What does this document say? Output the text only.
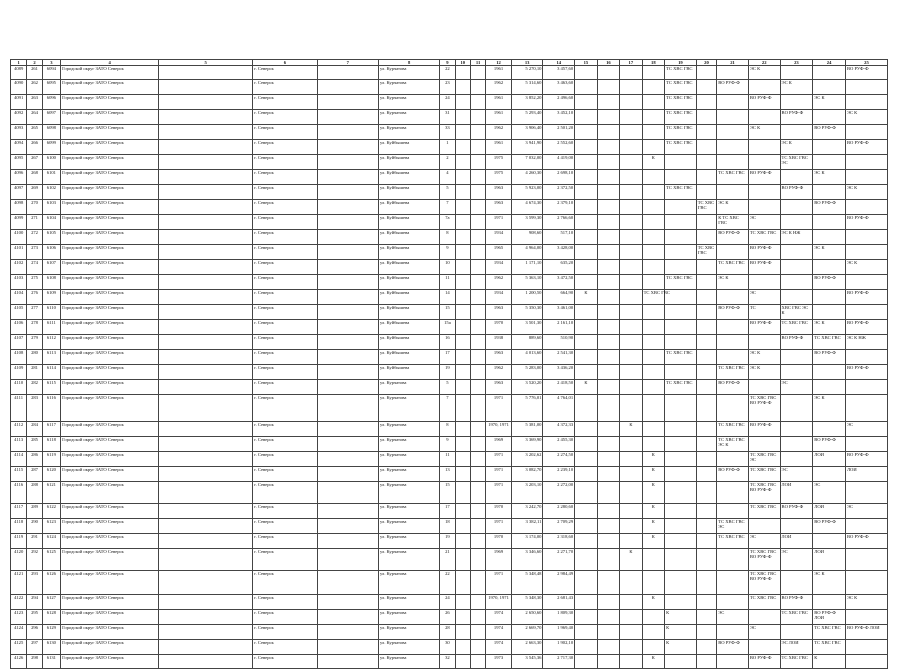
1	2	3	4	5	6	7	8	9	10	11	12	13	14	15	16	17	18	19	20	21	22	23	24	25
4089	261	6094	Городской округ ЗАТО Северск		г. Северск		ул. Курчатова	22			1961	5 270,10	3 457,60					ТС ХВС ГВС			ЭС К			ВО РУФ-Ф
4090	262	6095	Городской округ ЗАТО Северск		г. Северск		ул. Курчатова	23			1962	5 314,60	3 463,60					ТС ХВС ГВС		ВО РУФ-Ф		ЭС К		
4091	263	6096	Городской округ ЗАТО Северск		г. Северск		ул. Курчатова	24			1961	3 852,20	2 496,60					ТС ХВС ГВС			ВО РУФ-Ф		ЭС К	
4092	264	6097	Городской округ ЗАТО Северск		г. Северск		ул. Курчатова	31			1961	5 293,40	3 452,10					ТС ХВС ГВС				ВО РУФ-Ф		ЭС К
4093	265	6098	Городской округ ЗАТО Северск		г. Северск		ул. Курчатова	33			1962	3 906,40	2 501,20					ТС ХВС ГВС			ЭС К		ВО РУФ-Ф	
4094	266	6099	Городской округ ЗАТО Северск		г. Северск		ул. Куйбышева	1			1961	3 941,90	2 552,60					ТС ХВС ГВС				ЭС К		ВО РУФ-Ф
4095	267	6100	Городской округ ЗАТО Северск		г. Северск		ул. Куйбышева	2			1975	7 032,00	4 419,00				К					ТС ХВС ГВС ЭС		
4096	268	6101	Городской округ ЗАТО Северск		г. Северск		ул. Куйбышева	4			1975	4 260,30	2 698,10							ТС ХВС ГВС	ВО РУФ-Ф		ЭС К	
4097	269	6102	Городской округ ЗАТО Северск		г. Северск		ул. Куйбышева	5			1963	5 923,00	2 372,50					ТС ХВС ГВС				ВО РУФ-Ф		ЭС К
4098	270	6103	Городской округ ЗАТО Северск		г. Северск		ул. Куйбышева	7			1963	4 674,30	2 379,10						ТС ХВС ГВС	ЭС К			ВО РУФ-Ф	
4099	271	6104	Городской округ ЗАТО Северск		г. Северск		ул. Куйбышева	7а			1971	3 599,30	2 766,60							К ТС ХВС ГВС	ЭС			ВО РУФ-Ф
4100	272	6105	Городской округ ЗАТО Северск		г. Северск		ул. Куйбышева	8			1934	908,60	517,10							ВО РУФ-Ф	ТС ХВС ГВС	ЭС К НЖ		
4101	273	6106	Городской округ ЗАТО Северск		г. Северск		ул. Куйбышева	9			1965	4 964,00	3 428,00						ТС ХВС ГВС		ВО РУФ-Ф		ЭС К	
4102	274	6107	Городской округ ЗАТО Северск		г. Северск		ул. Куйбышева	10			1934	1 171,10	635,20							ТС ХВС ГВС	ВО РУФ-Ф			ЭС К
4103	275	6108	Городской округ ЗАТО Северск		г. Северск		ул. Куйбышева	11			1962	5 363,10	3 472,50					ТС ХВС ГВС		ЭС К			ВО РУФ-Ф	
4104	276	6109	Городской округ ЗАТО Северск		г. Северск		ул. Куйбышева	14			1934	1 200,50	664,90	К			ТС ХВС ГВС				ЭС			ВО РУФ-Ф
4105	277	6110	Городской округ ЗАТО Северск		г. Северск		ул. Куйбышева	15			1963	5 350,30	3 461,00							ВО РУФ-Ф	ТС	ХВС ГВС ЭС К		
4106	278	6111	Городской округ ЗАТО Северск		г. Северск		ул. Куйбышева	15а			1970	3 501,30	2 161,10								ВО РУФ-Ф	ТС ХВС ГВС	ЭС К	ВО РУФ-Ф
4107	279	6112	Городской округ ЗАТО Северск		г. Северск		ул. Куйбышева	16			1938	889,60	510,90									ВО РУФ-Ф	ТС ХВС ГВС	ЭС К НЖ
4108	280	6113	Городской округ ЗАТО Северск		г. Северск		ул. Куйбышева	17			1963	4 013,60	2 541,30					ТС ХВС ГВС			ЭС К		ВО РУФ-Ф	
4109	281	6114	Городской округ ЗАТО Северск		г. Северск		ул. Куйбышева	19			1962	5 283,00	3 436,20							ТС ХВС ГВС	ЭС К			ВО РУФ-Ф
4110	282	6115	Городской округ ЗАТО Северск		г. Северск		ул. Курчатова	5			1963	3 520,20	2 418,50	К				ТС ХВС ГВС		ВО РУФ-Ф		ЭС		
4111	283	6116	Городской округ ЗАТО Северск		г. Северск		ул. Курчатова	7			1971	5 776,01	4 764,01								ТС ХВС ГВС ВО РУФ-Ф		ЭС К	
4112	284	6117	Городской округ ЗАТО Северск		г. Северск		ул. Курчатова	8			1970, 1971	5 381,00	4 372,33			К				ТС ХВС ГВС	ВО РУФ-Ф			ЭС
4113	285	6118	Городской округ ЗАТО Северск		г. Северск		ул. Курчатова	9			1969	3 369,90	2 455,30							ТС ХВС ГВС ЭС К			ВО РУФ-Ф	
4114	286	6119	Городской округ ЗАТО Северск		г. Северск		ул. Курчатова	11			1971	3 202,62	2 274,50				К				ТС ХВС ГВС ЭС		ЛОИ	ВО РУФ-Ф
4115	287	6120	Городской округ ЗАТО Северск		г. Северск		ул. Курчатова	13			1971	3 082,70	2 239,10				К			ВО РУФ-Ф	ТС ХВС ГВС	ЭС		ЛОИ
4116	288	6121	Городской округ ЗАТО Северск		г. Северск		ул. Курчатова	15			1971	3 203,10	2 272,00				К				ТС ХВС ГВС ВО РУФ-Ф	ЛОИ	ЭС	
4117	289	6122	Городской округ ЗАТО Северск		г. Северск		ул. Курчатова	17			1970	3 242,70	2 280,60				К				ТС ХВС ГВС	ВО РУФ-Ф	ЛОИ	ЭС
4118	290	6123	Городской округ ЗАТО Северск		г. Северск		ул. Курчатова	18			1971	3 382,11	2 709,29				К			ТС ХВС ГВС ЭС			ВО РУФ-Ф	
4119	291	6124	Городской округ ЗАТО Северск		г. Северск		ул. Курчатова	19			1970	3 174,00	2 318,60				К			ТС ХВС ГВС	ЭС	ЛОИ		ВО РУФ-Ф
4120	292	6125	Городской округ ЗАТО Северск		г. Северск		ул. Курчатова	21			1969	3 346,60	2 271,70			К					ТС ХВС ГВС ВО РУФ-Ф	ЭС	ЛОИ	
4121	293	6126	Городской округ ЗАТО Северск		г. Северск		ул. Курчатова	22			1971	5 348,48	2 984,49								ТС ХВС ГВС ВО РУФ-Ф		ЭС К	
4122	294	6127	Городской округ ЗАТО Северск		г. Северск		ул. Курчатова	24			1970, 1971	5 348,30	2 681,43				К				ТС ХВС ГВС	ВО РУФ-Ф		ЭС К
4123	295	6128	Городской округ ЗАТО Северск		г. Северск		ул. Курчатова	26			1974	2 650,60	1 809,30					К		ЭС		ТС ХВС ГВС	ВО РУФ-Ф ЛОИ	
4124	296	6129	Городской округ ЗАТО Северск		г. Северск		ул. Курчатова	28			1974	2 669,70	1 969,40					К			ЭС		ТС ХВС ГВС	ВО РУФ-Ф ЛОИ
4125	297	6130	Городской округ ЗАТО Северск		г. Северск		ул. Курчатова	30			1974	2 663,30	1 902,10					К		ВО РУФ-Ф		ЭС ЛОИ	ТС ХВС ГВС	
4126	298	6131	Городской округ ЗАТО Северск		г. Северск		ул. Курчатова	32			1973	3 545,36	2 717,30				К				ВО РУФ-Ф	ТС ХВС ГВС	К	
